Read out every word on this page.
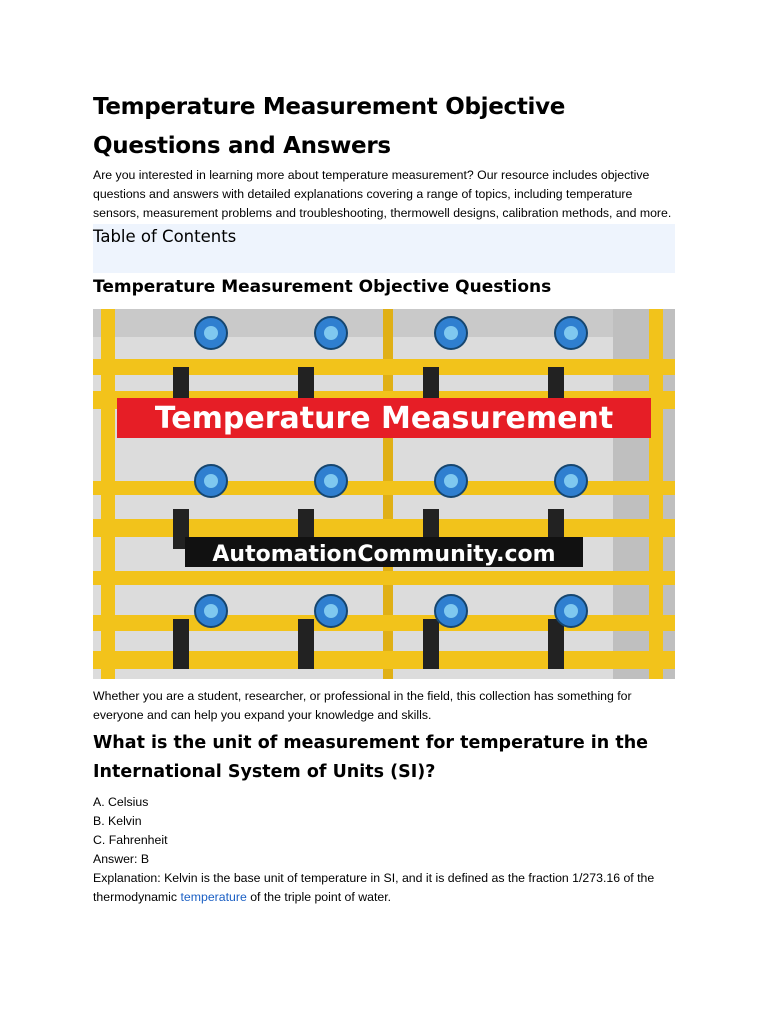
Temperature Measurement Objective Questions and Answers

Are you interested in learning more about temperature measurement? Our resource includes objective questions and answers with detailed explanations covering a range of topics, including temperature sensors, measurement problems and troubleshooting, thermowell designs, calibration methods, and more.

Table of Contents
Temperature Measurement Objective Questions
Temperature Measurement
AutomationCommunity.com

Whether you are a student, researcher, or professional in the field, this collection has something for everyone and can help you expand your knowledge and skills.

What is the unit of measurement for temperature in the International System of Units (SI)?

A. Celsius

B. Kelvin

C. Fahrenheit

Answer: B

Explanation: Kelvin is the base unit of temperature in SI, and it is defined as the fraction 1/273.16 of the thermodynamic temperature of the triple point of water.
